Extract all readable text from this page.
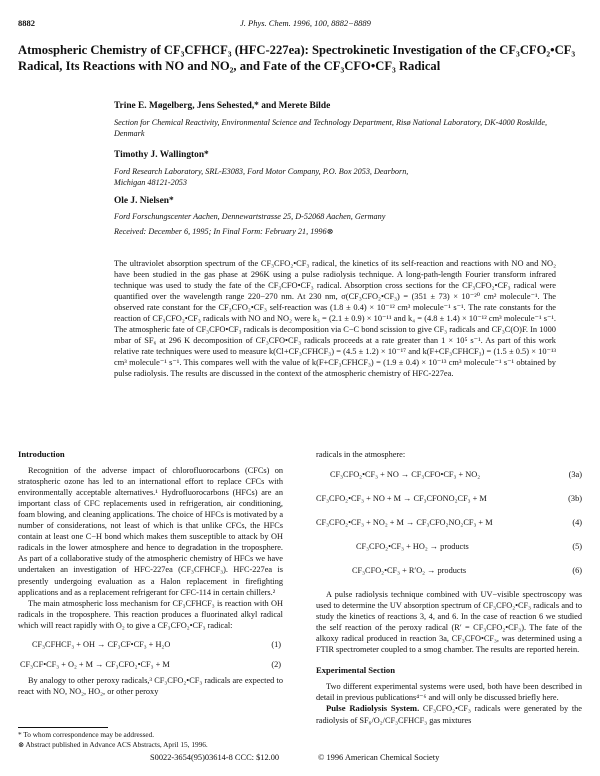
8882	J. Phys. Chem. 1996, 100, 8882−8889
Atmospheric Chemistry of CF₃CFHCF₃ (HFC-227ea): Spectrokinetic Investigation of the CF₃CFO₂•CF₃ Radical, Its Reactions with NO and NO₂, and Fate of the CF₃CFO•CF₃ Radical
Trine E. Møgelberg, Jens Sehested,* and Merete Bilde
Section for Chemical Reactivity, Environmental Science and Technology Department, Risø National Laboratory, DK-4000 Roskilde, Denmark
Timothy J. Wallington*
Ford Research Laboratory, SRL-E3083, Ford Motor Company, P.O. Box 2053, Dearborn, Michigan 48121-2053
Ole J. Nielsen*
Ford Forschungscenter Aachen, Dennewartstrasse 25, D-52068 Aachen, Germany
Received: December 6, 1995; In Final Form: February 21, 1996⊗
The ultraviolet absorption spectrum of the CF₃CFO₂•CF₃ radical, the kinetics of its self-reaction and reactions with NO and NO₂ have been studied in the gas phase at 296K using a pulse radiolysis technique. A long-path-length Fourier transform infrared technique was used to study the fate of the CF₃CFO•CF₃ radical. Absorption cross sections for the CF₃CFO₂•CF₃ radical were quantified over the wavelength range 220−270 nm. At 230 nm, σ(CF₃CFO₂•CF₃) = (351 ± 73) × 10⁻²⁰ cm² molecule⁻¹. The observed rate constant for the CF₃CFO₂•CF₃ self-reaction was (1.8 ± 0.4) × 10⁻¹² cm³ molecule⁻¹ s⁻¹. The rate constants for the reaction of CF₃CFO₂•CF₃ radicals with NO and NO₂ were k₃ = (2.1 ± 0.9) × 10⁻¹¹ and k₄ = (4.8 ± 1.4) × 10⁻¹² cm³ molecule⁻¹ s⁻¹. The atmospheric fate of CF₃CFO•CF₃ radicals is decomposition via C−C bond scission to give CF₃ radicals and CF₃C(O)F. In 1000 mbar of SF₆ at 296 K decomposition of CF₃CFO•CF₃ radicals proceeds at a rate greater than 1 × 10⁵ s⁻¹. As part of this work relative rate techniques were used to measure k(Cl+CF₃CFHCF₃) = (4.5 ± 1.2) × 10⁻¹⁷ and k(F+CF₃CFHCF₃) = (1.5 ± 0.5) × 10⁻¹³ cm³ molecule⁻¹ s⁻¹. This compares well with the value of k(F+CF₃CFHCF₃) = (1.9 ± 0.4) × 10⁻¹³ cm³ molecule⁻¹ s⁻¹ obtained by pulse radiolysis. The results are discussed in the context of the atmospheric chemistry of HFC-227ea.
Introduction

Recognition of the adverse impact of chlorofluorocarbons (CFCs) on stratospheric ozone has led to an international effort to replace CFCs with environmentally acceptable alternatives.¹ Hydrofluorocarbons (HFCs) are an important class of CFC replacements used in refrigeration, air conditioning, foam blowing, and cleaning applications. The choice of HFCs is motivated by a number of considerations, not least of which is that unlike CFCs, the HFCs contain at least one C−H bond which makes them susceptible to attack by OH radicals in the lower atmosphere and hence to degradation in the troposphere. As part of a collaborative study of the atmospheric chemistry of HFCs we have undertaken an investigation of HFC-227ea (CF₃CFHCF₃). HFC-227ea is presently undergoing evaluation as a Halon replacement in firefighting applications and as a replacement refrigerant for CFC-114 in certain chillers.²

The main atmospheric loss mechanism for CF₃CFHCF₃ is reaction with OH radicals in the troposphere. This reaction produces a fluorinated alkyl radical which will react rapidly with O₂ to give a CF₃CFO₂•CF₃ radical:

CF₃CFHCF₃ + OH → CF₃CF•CF₃ + H₂O	(1)
CF₃CF•CF₃ + O₂ + M → CF₃CFO₂•CF₃ + M	(2)

By analogy to other peroxy radicals,³ CF₃CFO₂•CF₃ radicals are expected to react with NO, NO₂, HO₂, or other peroxy

* To whom correspondence may be addressed.
⊗ Abstract published in Advance ACS Abstracts, April 15, 1996.

radicals in the atmosphere:

CF₃CFO₂•CF₃ + NO → CF₃CFO•CF₃ + NO₂	(3a)
CF₃CFO₂•CF₃ + NO + M → CF₃CFONO₂CF₃ + M	(3b)
CF₃CFO₂•CF₃ + NO₂ + M → CF₃CFO₂NO₂CF₃ + M	(4)
CF₃CFO₂•CF₃ + HO₂ → products	(5)
CF₃CFO₂•CF₃ + R′O₂ → products	(6)

A pulse radiolysis technique combined with UV−visible spectroscopy was used to determine the UV absorption spectrum of CF₃CFO₂•CF₃ radicals and to study the kinetics of reactions 3, 4, and 6. In the case of reaction 6 we studied the self reaction of the peroxy radical (R′ = CF₃CFO₂•CF₃). The fate of the alkoxy radical produced in reaction 3a, CF₃CFO•CF₃, was determined using a FTIR spectrometer coupled to a smog chamber. The results are reported herein.

Experimental Section

Two different experimental systems were used, both have been described in detail in previous publications⁴⁻⁶ and will only be discussed briefly here.

Pulse Radiolysis System. CF₃CFO₂•CF₃ radicals were generated by the radiolysis of SF₆/O₂/CF₃CFHCF₃ gas mixtures

S0022-3654(95)03614-8 CCC: $12.00	© 1996 American Chemical Society
